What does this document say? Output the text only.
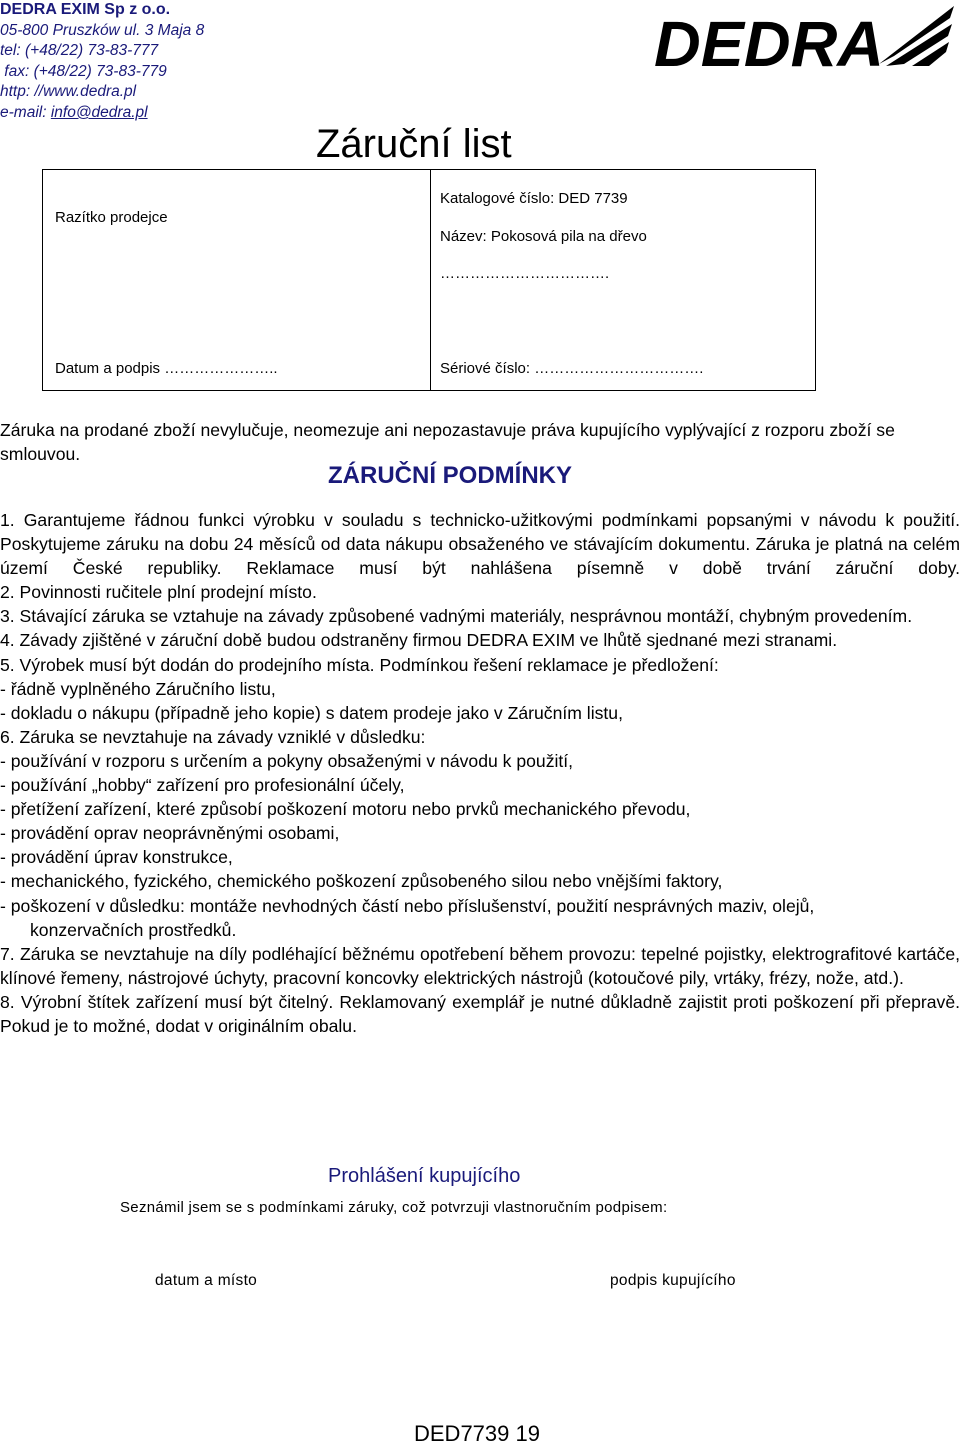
DEDRA EXIM Sp z o.o.
05-800 Pruszków ul. 3 Maja 8
tel: (+48/22) 73-83-777
fax: (+48/22) 73-83-779
http: //www.dedra.pl
e-mail: info@dedra.pl
DEDRA
Záruční list
Razítko prodejce
Katalogové číslo: DED 7739
Název: Pokosová pila na dřevo
…………………………….
Datum a podpis …………………..	Sériové číslo: …………………………….
Záruka na prodané zboží nevylučuje, neomezuje ani nepozastavuje práva kupujícího vyplývající z rozporu zboží se smlouvou.
ZÁRUČNÍ PODMÍNKY

1. Garantujeme řádnou funkci výrobku v souladu s technicko-užitkovými podmínkami popsanými v návodu k použití. Poskytujeme záruku na dobu 24 měsíců od data nákupu obsaženého ve stávajícím dokumentu. Záruka je platná na celém území České republiky. Reklamace musí být nahlášena písemně v době trvání záruční doby.

2. Povinnosti ručitele plní prodejní místo.

3. Stávající záruka se vztahuje na závady způsobené vadnými materiály, nesprávnou montáží, chybným provedením.

4. Závady zjištěné v záruční době budou odstraněny firmou DEDRA EXIM ve lhůtě sjednané mezi stranami.

5. Výrobek musí být dodán do prodejního místa. Podmínkou řešení reklamace je předložení:

- řádně vyplněného Záručního listu,

- dokladu o nákupu (případně jeho kopie) s datem prodeje jako v Záručním listu,

6. Záruka se nevztahuje na závady vzniklé v důsledku:

- používání v rozporu s určením a pokyny obsaženými v návodu k použití,

- používání „hobby“ zařízení pro profesionální účely,

- přetížení zařízení, které způsobí poškození motoru nebo prvků mechanického převodu,

- provádění oprav neoprávněnými osobami,

- provádění úprav konstrukce,

- mechanického, fyzického, chemického poškození způsobeného silou nebo vnějšími faktory,

- poškození v důsledku: montáže nevhodných částí nebo příslušenství, použití nesprávných maziv, olejů,

konzervačních prostředků.

7. Záruka se nevztahuje na díly podléhající běžnému opotřebení během provozu: tepelné pojistky, elektrografitové kartáče, klínové řemeny, nástrojové úchyty, pracovní koncovky elektrických nástrojů (kotoučové pily, vrtáky, frézy, nože, atd.).

8. Výrobní štítek zařízení musí být čitelný. Reklamovaný exemplář je nutné důkladně zajistit proti poškození při přepravě. Pokud je to možné, dodat v originálním obalu.

Prohlášení kupujícího
Seznámil jsem se s podmínkami záruky, což potvrzuji vlastnoručním podpisem:
datum a místo	podpis kupujícího
DED7739 19
